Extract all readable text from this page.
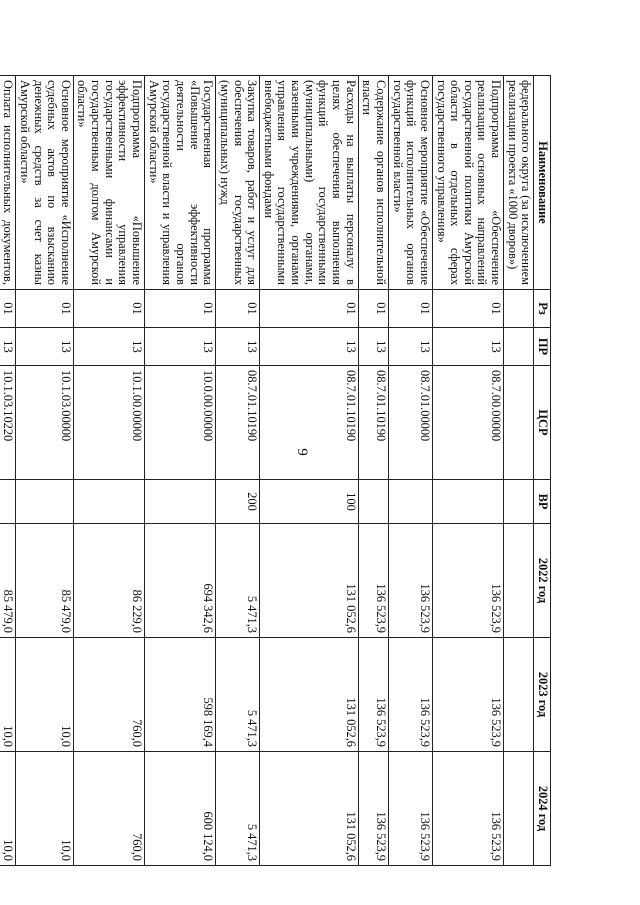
9
Наименование	Рз	ПР	ЦСР	ВР	2022 год	2023 год	2024 год
федерального округа (за исключением реализации проекта «1000 дворов»)							
Подпрограмма «Обеспечение реализации основных направлений государственной политики Амурской области в отдельных сферах государственного управления»	01	13	08.7.00.00000		136 523,9	136 523,9	136 523,9
Основное мероприятие «Обеспечение функций исполнительных органов государственной власти»	01	13	08.7.01.00000		136 523,9	136 523,9	136 523,9
Содержание органов исполнительной власти	01	13	08.7.01.10190		136 523,9	136 523,9	136 523,9
Расходы на выплаты персоналу в целях обеспечения выполнения функций государственными (муниципальными) органами, казенными учреждениями, органами управления государственными внебюджетными фондами	01	13	08.7.01.10190	100	131 052,6	131 052,6	131 052,6
Закупка товаров, работ и услуг для обеспечения государственных (муниципальных) нужд	01	13	08.7.01.10190	200	5 471,3	5 471,3	5 471,3
Государственная программа «Повышение эффективности деятельности органов государственной власти и управления Амурской области»	01	13	10.0.00.00000		694 342,6	598 169,4	600 124,0
Подпрограмма «Повышение эффективности управления государственными финансами и государственным долгом Амурской области»	01	13	10.1.00.00000		86 229,0	760,0	760,0
Основное мероприятие «Исполнение судебных актов по взысканию денежных средств за счет казны Амурской области»	01	13	10.1.03.00000		85 479,0	10,0	10,0
Оплата исполнительных документов,	01	13	10.1.03.10220		85 479,0	10,0	10,0
